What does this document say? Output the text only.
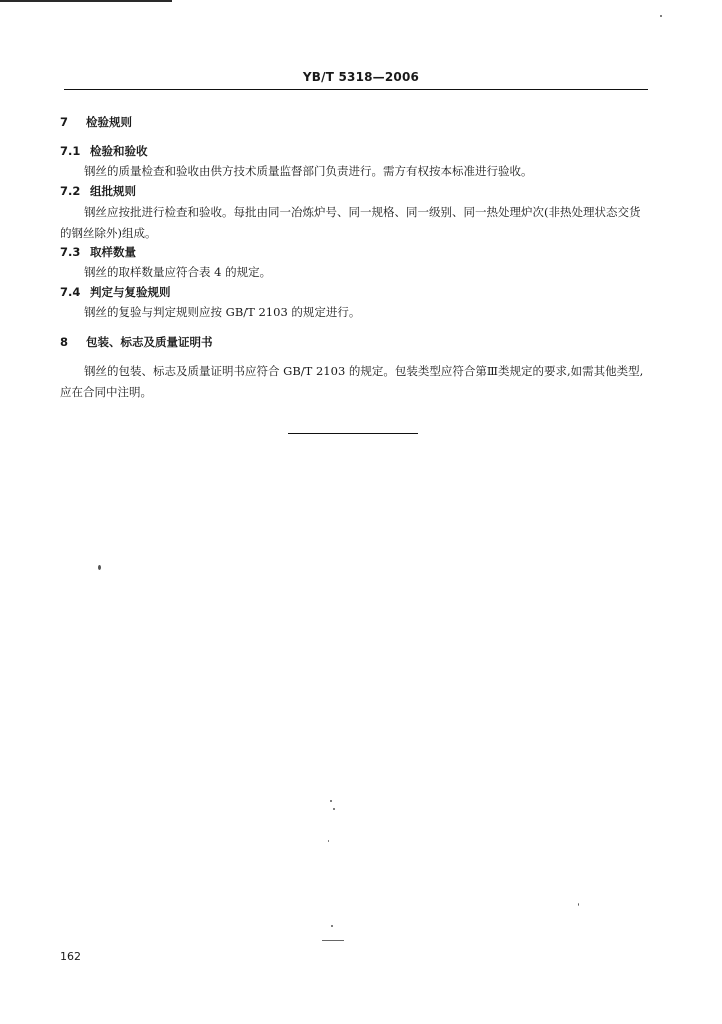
YB/T 5318—2006
7 检验规则
7.1 检验和验收
钢丝的质量检查和验收由供方技术质量监督部门负责进行。需方有权按本标准进行验收。
7.2 组批规则
钢丝应按批进行检查和验收。每批由同一冶炼炉号、同一规格、同一级别、同一热处理炉次(非热处理状态交货的钢丝除外)组成。
7.3 取样数量
钢丝的取样数量应符合表 4 的规定。
7.4 判定与复验规则
钢丝的复验与判定规则应按 GB/T 2103 的规定进行。
8 包装、标志及质量证明书
钢丝的包装、标志及质量证明书应符合 GB/T 2103 的规定。包装类型应符合第Ⅲ类规定的要求,如需其他类型,应在合同中注明。
162
